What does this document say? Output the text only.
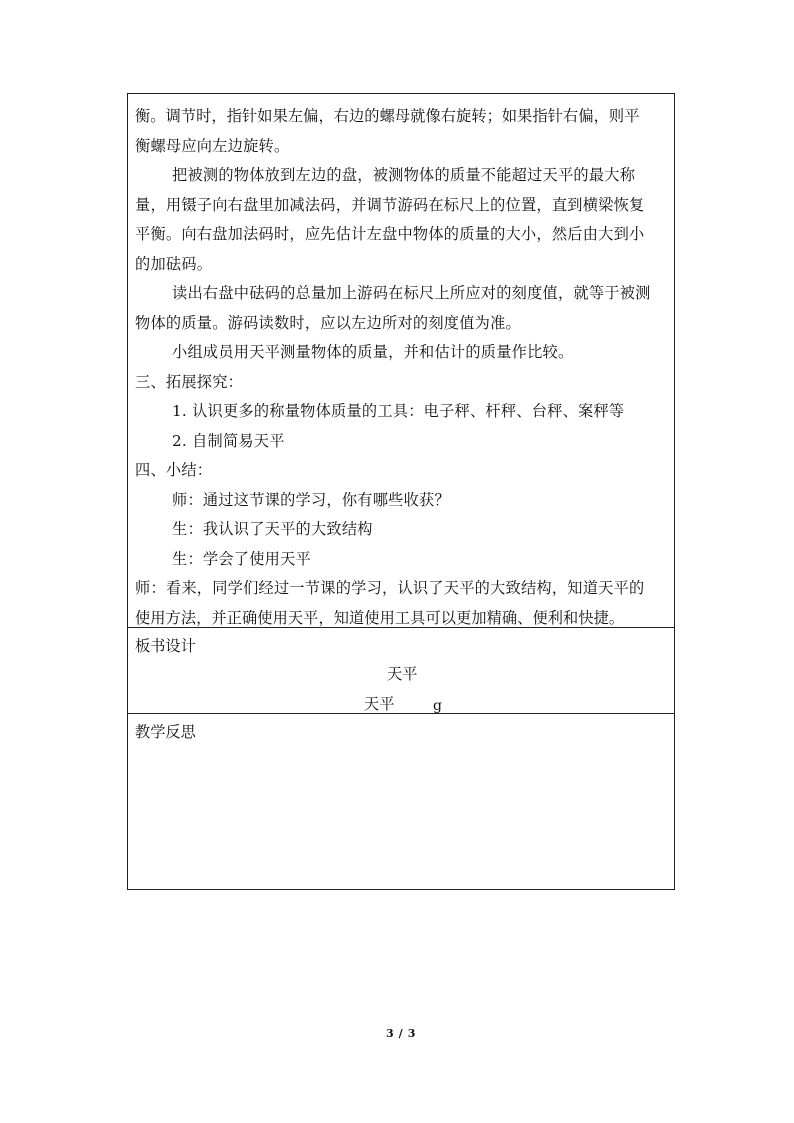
衡。调节时，指针如果左偏，右边的螺母就像右旋转；如果指针右偏，则平
衡螺母应向左边旋转。
把被测的物体放到左边的盘，被测物体的质量不能超过天平的最大称
量，用镊子向右盘里加减法码，并调节游码在标尺上的位置，直到横梁恢复
平衡。向右盘加法码时，应先估计左盘中物体的质量的大小，然后由大到小
的加砝码。
读出右盘中砝码的总量加上游码在标尺上所应对的刻度值，就等于被测
物体的质量。游码读数时，应以左边所对的刻度值为准。
小组成员用天平测量物体的质量，并和估计的质量作比较。
三、拓展探究：
1. 认识更多的称量物体质量的工具：电子秤、杆秤、台秤、案秤等
2. 自制简易天平
四、小结：
师：通过这节课的学习，你有哪些收获？
生：我认识了天平的大致结构
生：学会了使用天平
师：看来，同学们经过一节课的学习，认识了天平的大致结构，知道天平的
使用方法，并正确使用天平，知道使用工具可以更加精确、便利和快捷。
板书设计
天平
天平	g
教学反思
3 / 3
